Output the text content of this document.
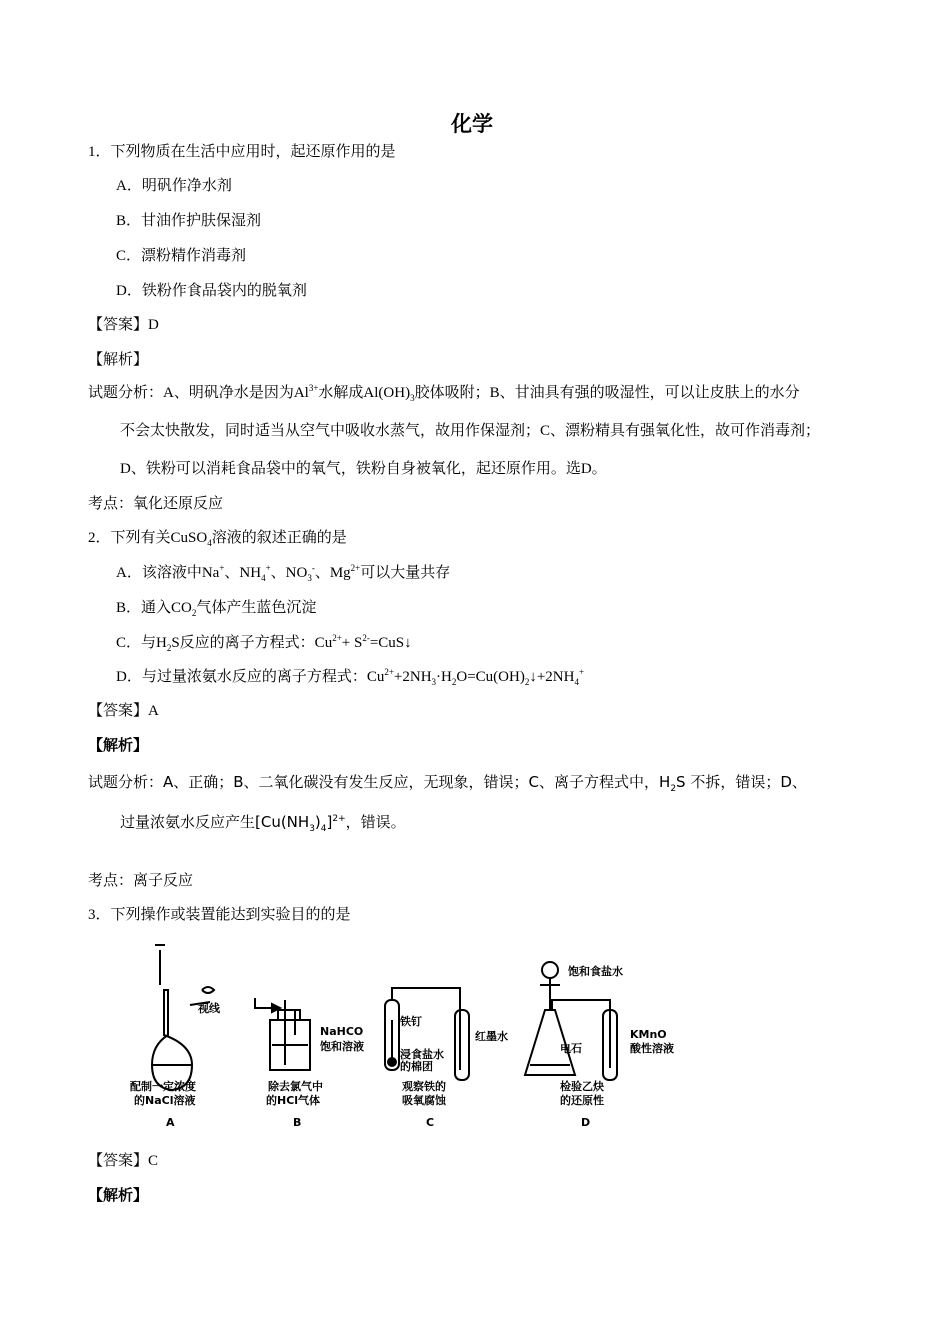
化学
1．下列物质在生活中应用时，起还原作用的是
A．明矾作净水剂
B．甘油作护肤保湿剂
C．漂粉精作消毒剂
D．铁粉作食品袋内的脱氧剂
【答案】D
【解析】
试题分析：A、明矾净水是因为$Al^{3+}$水解成$Al(OH)_3$胶体吸附；B、甘油具有强的吸湿性，可以让皮肤上的水分
不会太快散发，同时适当从空气中吸收水蒸气，故用作保湿剂；C、漂粉精具有强氧化性，故可作消毒剂；
D、铁粉可以消耗食品袋中的氧气，铁粉自身被氧化，起还原作用。选D。
考点：氧化还原反应
2．下列有关CuSO$_4$溶液的叙述正确的是
A．该溶液中Na+、$NH_4^+$、$NO_3^-$、$Mg^{2+}$可以大量共存
B．通入$CO_2$气体产生蓝色沉淀
C．与$H_2S$反应的离子方程式：$Cu^{2+}+$ $S^{2-}=CuS↓$
D．与过量浓氨水反应的离子方程式：$Cu^{2+}+2NH_3\cdot H_2O=Cu(OH)_2↓+2NH_4^+$
【答案】A
【解析】
试题分析：A、正确；B、二氧化碳没有发生反应，无现象，错误；C、离子方程式中，$H_2S$ 不拆，错误；D、
过量浓氨水反应产生$[Cu(NH_3)_4]^{2+}$，错误。
考点：离子反应
3．下列操作或装置能达到实验目的的是
视线
NaHCO
饱和溶液
铁钉
浸食盐水
的棉团
红墨水
饱和食盐水
电石
KMnO
酸性溶液
配制一定浓度
的NaCl溶液
除去氯气中
的HCl气体
观察铁的
吸氧腐蚀
检验乙炔
的还原性
A	B	C	D
【答案】C
【解析】
